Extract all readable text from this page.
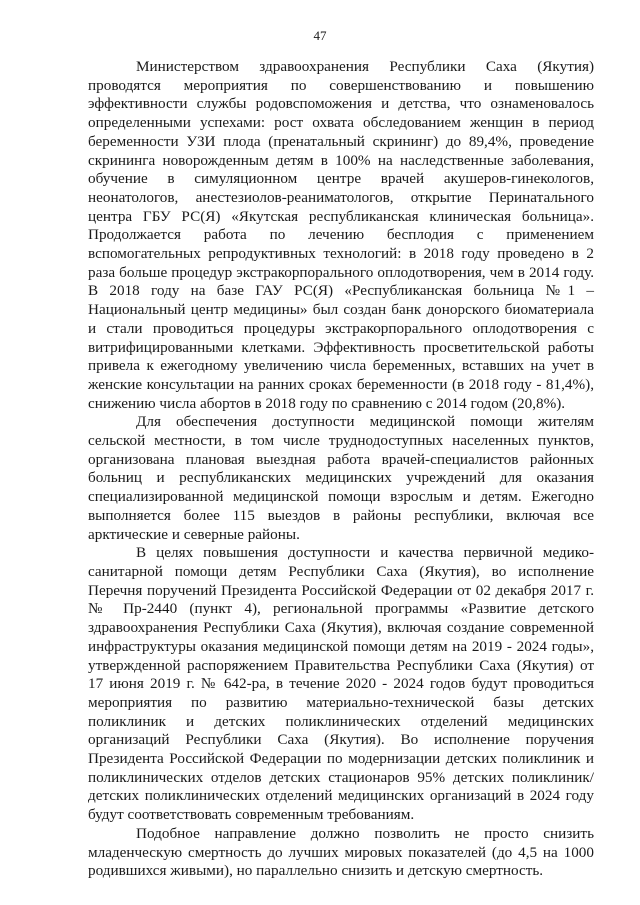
47

Министерством здравоохранения Республики Саха (Якутия) проводятся мероприятия по совершенствованию и повышению эффективности службы родовспоможения и детства, что ознаменовалось определенными успехами: рост охвата обследованием женщин в период беременности УЗИ плода (пренатальный скрининг) до 89,4%, проведение скрининга новорожденным детям в 100% на наследственные заболевания, обучение в симуляционном центре врачей акушеров-гинекологов, неонатологов, анестезиолов-реаниматологов, открытие Перинатального центра ГБУ РС(Я) «Якутская республиканская клиническая больница». Продолжается работа по лечению бесплодия с применением вспомогательных репродуктивных технологий: в 2018 году проведено в 2 раза больше процедур экстракорпорального оплодотворения, чем в 2014 году. В 2018 году на базе ГАУ РС(Я) «Республиканская больница №1 – Национальный центр медицины» был создан банк донорского биоматериала и стали проводиться процедуры экстракорпорального оплодотворения с витрифицированными клетками. Эффективность просветительской работы привела к ежегодному увеличению числа беременных, вставших на учет в женские консультации на ранних сроках беременности (в 2018 году - 81,4%), снижению числа абортов в 2018 году по сравнению с 2014 годом (20,8%).

Для обеспечения доступности медицинской помощи жителям сельской местности, в том числе труднодоступных населенных пунктов, организована плановая выездная работа врачей-специалистов районных больниц и республиканских медицинских учреждений для оказания специализированной медицинской помощи взрослым и детям. Ежегодно выполняется более 115 выездов в районы республики, включая все арктические и северные районы.

В целях повышения доступности и качества первичной медико-санитарной помощи детям Республики Саха (Якутия), во исполнение Перечня поручений Президента Российской Федерации от 02 декабря 2017 г. № Пр-2440 (пункт 4), региональной программы «Развитие детского здравоохранения Республики Саха (Якутия), включая создание современной инфраструктуры оказания медицинской помощи детям на 2019 - 2024 годы», утвержденной распоряжением Правительства Республики Саха (Якутия) от 17 июня 2019 г. № 642-ра, в течение 2020 - 2024 годов будут проводиться мероприятия по развитию материально-технической базы детских поликлиник и детских поликлинических отделений медицинских организаций Республики Саха (Якутия). Во исполнение поручения Президента Российской Федерации по модернизации детских поликлиник и поликлинических отделов детских стационаров 95% детских поликлиник/детских поликлинических отделений медицинских организаций в 2024 году будут соответствовать современным требованиям.

Подобное направление должно позволить не просто снизить младенческую смертность до лучших мировых показателей (до 4,5 на 1000 родившихся живыми), но параллельно снизить и детскую смертность.
